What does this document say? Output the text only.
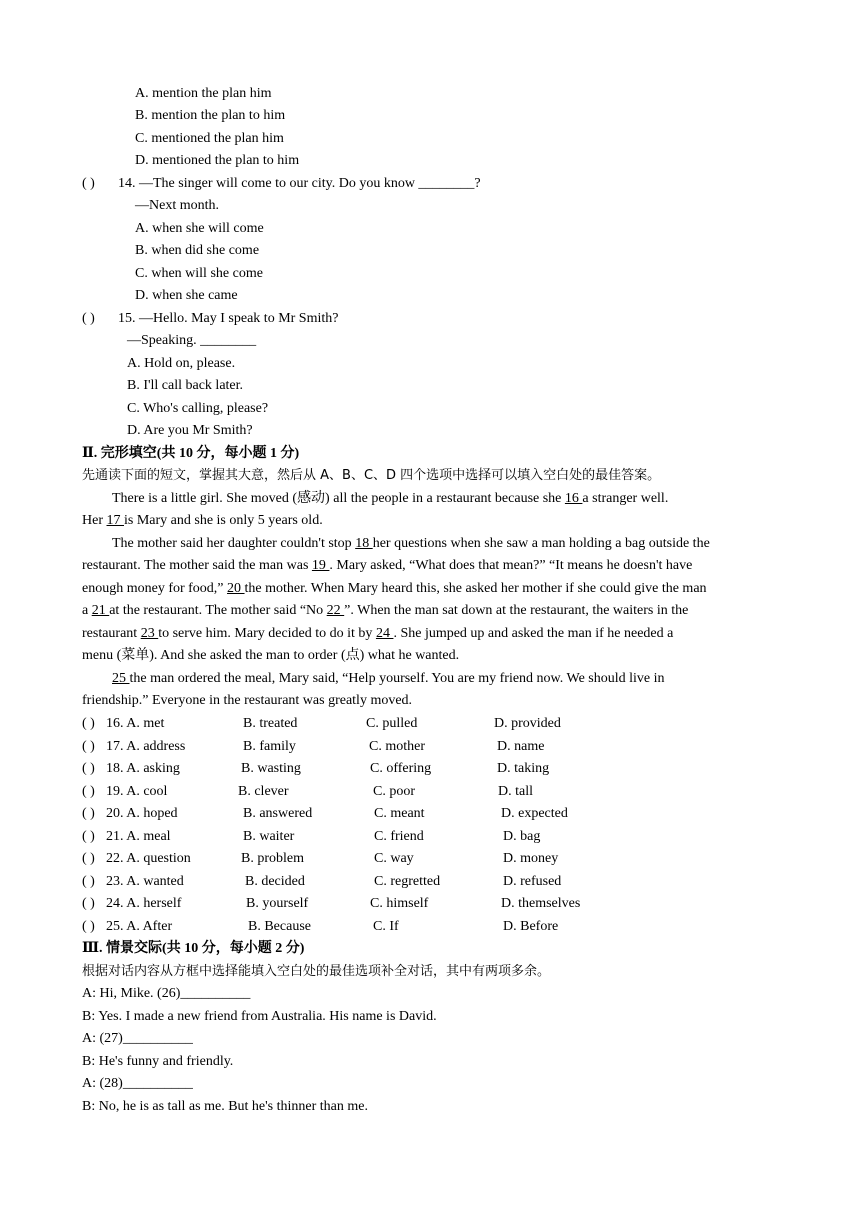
A. mention the plan him
B. mention the plan to him
C. mentioned the plan him
D. mentioned the plan to him
( ) 14. —The singer will come to our city. Do you know ________?
—Next month.
A. when she will come
B. when did she come
C. when will she come
D. when she came
( ) 15. —Hello. May I speak to Mr Smith?
—Speaking. ________
A. Hold on, please.
B. I'll call back later.
C. Who's calling, please?
D. Are you Mr Smith?
Ⅱ. 完形填空(共 10 分，每小题 1 分)
先通读下面的短文，掌握其大意，然后从 A、B、C、D 四个选项中选择可以填入空白处的最佳答案。
There is a little girl. She moved (感动) all the people in a restaurant because she 16 a stranger well.
Her 17 is Mary and she is only 5 years old.
The mother said her daughter couldn't stop 18 her questions when she saw a man holding a bag outside the
restaurant. The mother said the man was 19 . Mary asked, “What does that mean?” “It means he doesn't have
enough money for food,” 20 the mother. When Mary heard this, she asked her mother if she could give the man
a 21 at the restaurant. The mother said “No 22 ”. When the man sat down at the restaurant, the waiters in the
restaurant 23 to serve him. Mary decided to do it by 24 . She jumped up and asked the man if he needed a
menu (菜单). And she asked the man to order (点) what he wanted.
25 the man ordered the meal, Mary said, “Help yourself. You are my friend now. We should live in
friendship.” Everyone in the restaurant was greatly moved.
( ) 16. A. met	B. treated	C. pulled	D. provided
( ) 17. A. address	B. family	C. mother	D. name
( ) 18. A. asking	B. wasting	C. offering	D. taking
( ) 19. A. cool	B. clever	C. poor	D. tall
( ) 20. A. hoped	B. answered	C. meant	D. expected
( ) 21. A. meal	B. waiter	C. friend	D. bag
( ) 22. A. question	B. problem	C. way	D. money
( ) 23. A. wanted	B. decided	C. regretted	D. refused
( ) 24. A. herself	B. yourself	C. himself	D. themselves
( ) 25. A. After	B. Because	C. If	D. Before
Ⅲ. 情景交际(共 10 分，每小题 2 分)
根据对话内容从方框中选择能填入空白处的最佳选项补全对话，其中有两项多余。
A: Hi, Mike. (26)__________
B: Yes. I made a new friend from Australia. His name is David.
A: (27)__________
B: He's funny and friendly.
A: (28)__________
B: No, he is as tall as me. But he's thinner than me.
